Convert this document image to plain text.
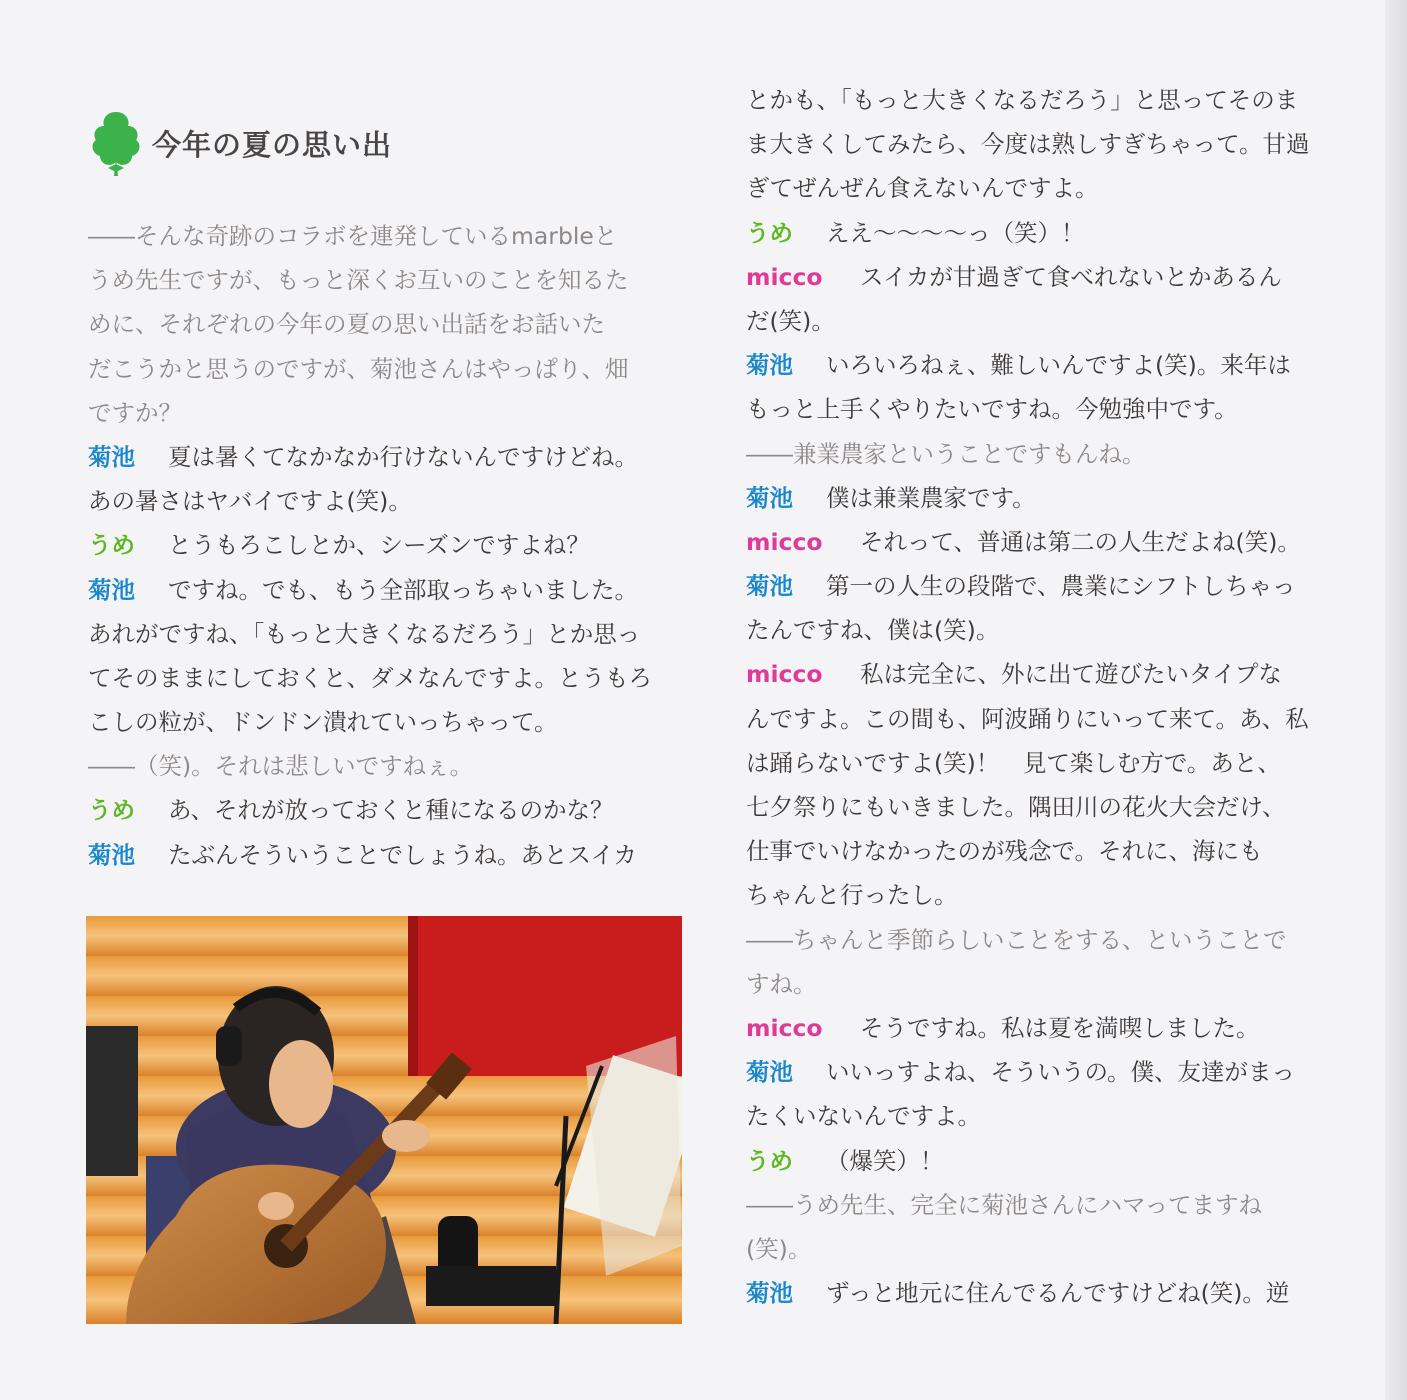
今年の夏の思い出
――そんな奇跡のコラボを連発しているmarbleと
うめ先生ですが、もっと深くお互いのことを知るた
めに、それぞれの今年の夏の思い出話をお話いた
だこうかと思うのですが、菊池さんはやっぱり、畑
ですか？
菊池 夏は暑くてなかなか行けないんですけどね。
あの暑さはヤバイですよ(笑)。
うめ とうもろこしとか、シーズンですよね？
菊池 ですね。でも、もう全部取っちゃいました。
あれがですね、「もっと大きくなるだろう」とか思っ
てそのままにしておくと、ダメなんですよ。とうもろ
こしの粒が、ドンドン潰れていっちゃって。
――（笑)。それは悲しいですねぇ。
うめ あ、それが放っておくと種になるのかな？
菊池 たぶんそういうことでしょうね。あとスイカ
とかも、「もっと大きくなるだろう」と思ってそのま
ま大きくしてみたら、今度は熟しすぎちゃって。甘過
ぎてぜんぜん食えないんですよ。
うめ ええ〜〜〜〜っ（笑）！
micco スイカが甘過ぎて食べれないとかあるん
だ(笑)。
菊池 いろいろねぇ、難しいんですよ(笑)。来年は
もっと上手くやりたいですね。今勉強中です。
――兼業農家ということですもんね。
菊池 僕は兼業農家です。
micco それって、普通は第二の人生だよね(笑)。
菊池 第一の人生の段階で、農業にシフトしちゃっ
たんですね、僕は(笑)。
micco 私は完全に、外に出て遊びたいタイプな
んですよ。この間も、阿波踊りにいって来て。あ、私
は踊らないですよ(笑)！　見て楽しむ方で。あと、
七夕祭りにもいきました。隅田川の花火大会だけ、
仕事でいけなかったのが残念で。それに、海にも
ちゃんと行ったし。
――ちゃんと季節らしいことをする、ということで
すね。
micco そうですね。私は夏を満喫しました。
菊池 いいっすよね、そういうの。僕、友達がまっ
たくいないんですよ。
うめ （爆笑）！
――うめ先生、完全に菊池さんにハマってますね
(笑)。
菊池 ずっと地元に住んでるんですけどね(笑)。逆
